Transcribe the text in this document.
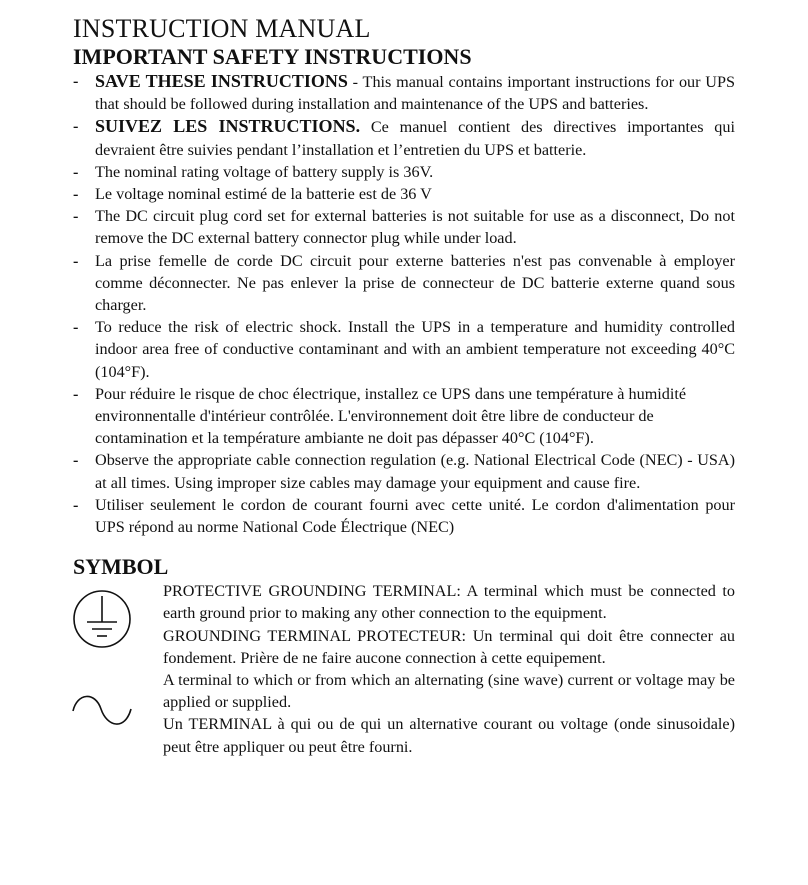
INSTRUCTION MANUAL
IMPORTANT SAFETY INSTRUCTIONS
- SAVE THESE INSTRUCTIONS - This manual contains important instructions for our UPS that should be followed during installation and maintenance of the UPS and batteries.
- SUIVEZ LES INSTRUCTIONS. Ce manuel contient des directives importantes qui devraient être suivies pendant l’installation et l’entretien du UPS et batterie.
-	The nominal rating voltage of battery supply is 36V.
-	Le voltage nominal estimé de la batterie est de 36 V
-	The DC circuit plug cord set for external batteries is not suitable for use as a disconnect, Do not remove the DC external battery connector plug while under load.
-	La prise femelle de corde DC circuit pour externe batteries n'est pas convenable à employer comme déconnecter. Ne pas enlever la prise de connecteur de DC batterie externe quand sous charger.
-	To reduce the risk of electric shock. Install the UPS in a temperature and humidity controlled indoor area free of conductive contaminant and with an ambient temperature not exceeding 40°C (104°F).
-	Pour réduire le risque de choc électrique, installez ce UPS dans une température à humidité environnentalle d'intérieur contrôlée. L'environnement doit être libre de conducteur de contamination et la température ambiante ne doit pas dépasser 40°C (104°F).
-	Observe the appropriate cable connection regulation (e.g. National Electrical Code (NEC) - USA) at all times. Using improper size cables may damage your equipment and cause fire.
-	Utiliser seulement le cordon de courant fourni avec cette unité. Le cordon d'alimentation pour UPS répond au norme National Code Électrique (NEC)
SYMBOL

PROTECTIVE GROUNDING TERMINAL: A terminal which must be connected to earth ground prior to making any other connection to the equipment.

GROUNDING TERMINAL PROTECTEUR: Un terminal qui doit être connecter au fondement. Prière de ne faire aucone connection à cette equipement.

A terminal to which or from which an alternating (sine wave) current or voltage may be applied or supplied.

Un TERMINAL à qui ou de qui un alternative courant ou voltage (onde sinusoidale) peut être appliquer ou peut être fourni.
